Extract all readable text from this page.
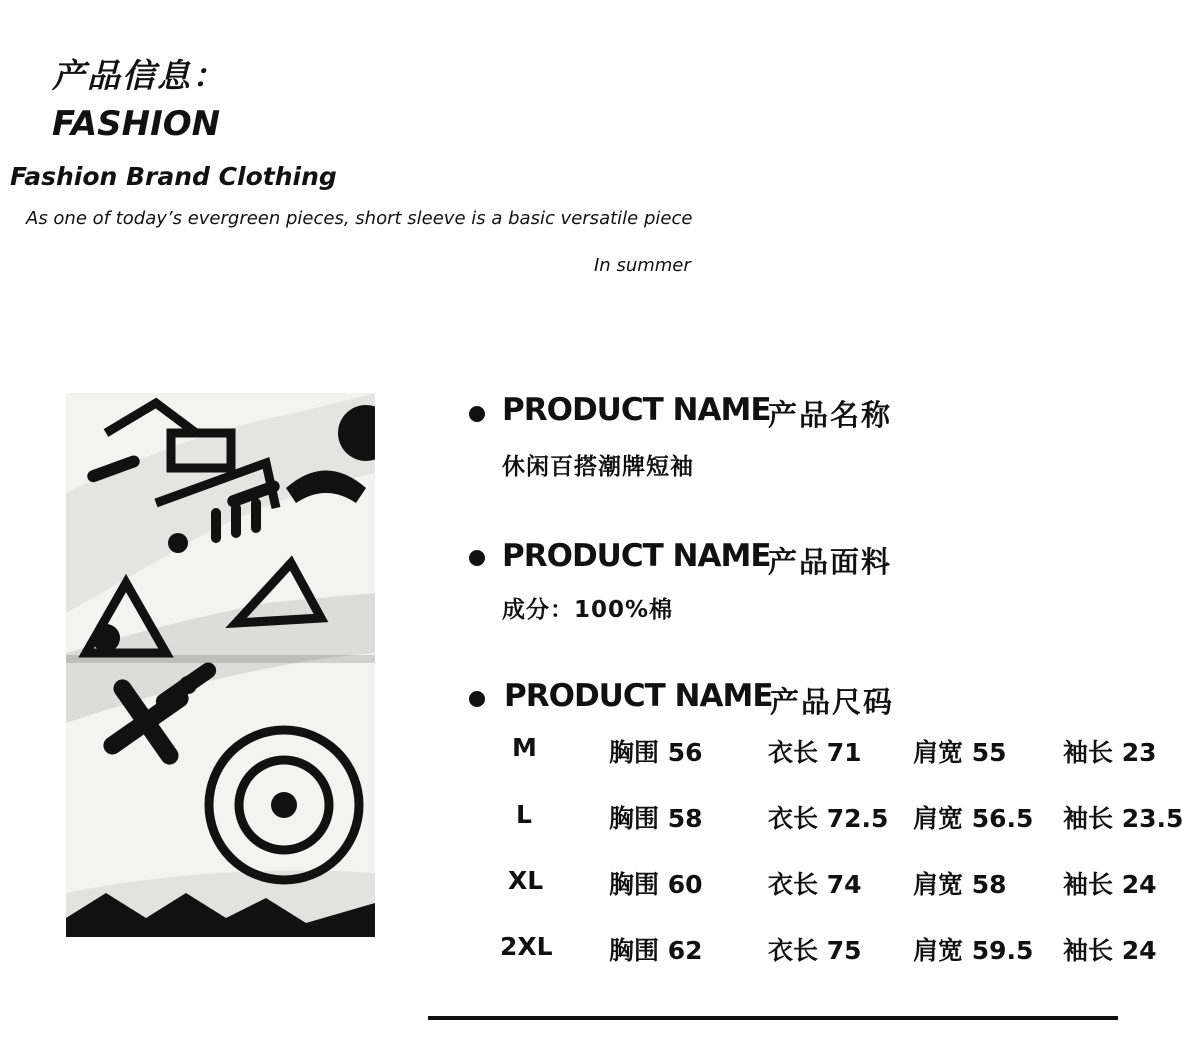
产品信息：
FASHION
Fashion Brand Clothing
As one of today’s evergreen pieces, short sleeve is a basic versatile piece
In summer
PRODUCT NAME
产品名称
休闲百搭潮牌短袖
PRODUCT NAME
产品面料
成分：100%棉
PRODUCT NAME
产品尺码
M	胸围 56	衣长 71 肩宽 55 袖长 23
L	胸围 58	衣长 72.5 肩宽 56.5 袖长 23.5
XL	胸围 60	衣长 74 肩宽 58 袖长 24
2XL 胸围 62	衣长 75 肩宽 59.5 袖长 24
